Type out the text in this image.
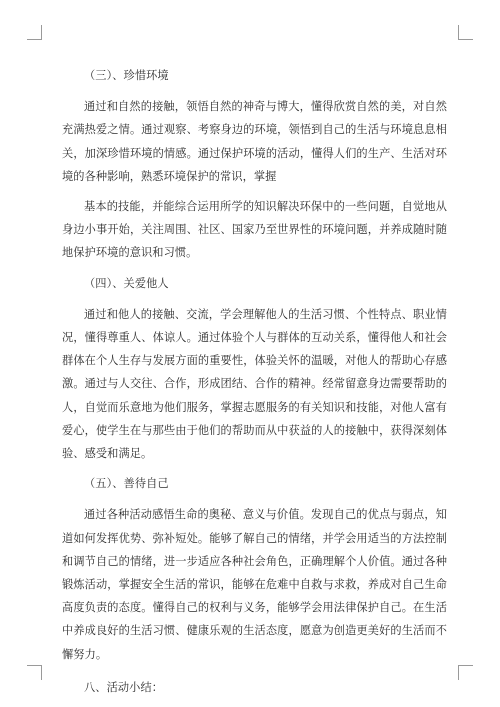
（三）、珍惜环境

通过和自然的接触，领悟自然的神奇与博大，懂得欣赏自然的美，对自然充满热爱之情。通过观察、考察身边的环境，领悟到自己的生活与环境息息相关，加深珍惜环境的情感。通过保护环境的活动，懂得人们的生产、生活对环境的各种影响，熟悉环境保护的常识，掌握

基本的技能，并能综合运用所学的知识解决环保中的一些问题，自觉地从身边小事开始，关注周围、社区、国家乃至世界性的环境问题，并养成随时随地保护环境的意识和习惯。

（四）、关爱他人

通过和他人的接触、交流，学会理解他人的生活习惯、个性特点、职业情况，懂得尊重人、体谅人。通过体验个人与群体的互动关系，懂得他人和社会群体在个人生存与发展方面的重要性，体验关怀的温暖，对他人的帮助心存感激。通过与人交往、合作，形成团结、合作的精神。经常留意身边需要帮助的人，自觉而乐意地为他们服务，掌握志愿服务的有关知识和技能，对他人富有爱心，使学生在与那些由于他们的帮助而从中获益的人的接触中，获得深刻体验、感受和满足。

（五）、善待自己

通过各种活动感悟生命的奥秘、意义与价值。发现自己的优点与弱点，知道如何发挥优势、弥补短处。能够了解自己的情绪，并学会用适当的方法控制和调节自己的情绪，进一步适应各种社会角色，正确理解个人价值。通过各种锻炼活动，掌握安全生活的常识，能够在危难中自救与求救，养成对自己生命高度负责的态度。懂得自己的权利与义务，能够学会用法律保护自己。在生活中养成良好的生活习惯、健康乐观的生活态度，愿意为创造更美好的生活而不懈努力。

八、活动小结：
